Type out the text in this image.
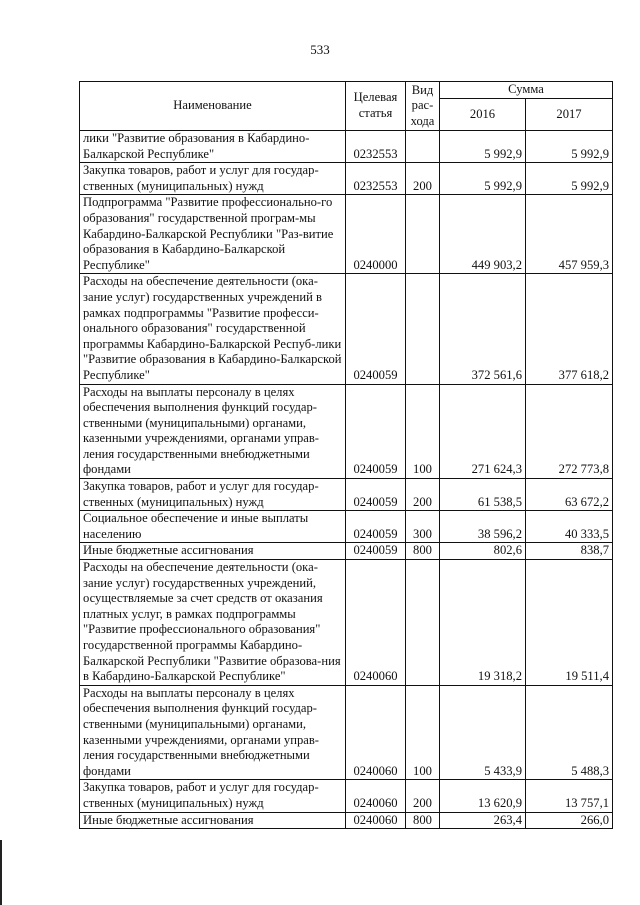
533
Наименование	Целевая статья	Вид рас-хода	Сумма	
			2016	2017
лики "Развитие образования в Кабардино-Балкарской Республике"	0232553		5 992,9	5 992,9
Закупка товаров, работ и услуг для государ-ственных (муниципальных) нужд	0232553	200	5 992,9	5 992,9
Подпрограмма "Развитие профессионально-го образования" государственной програм-мы Кабардино-Балкарской Республики "Раз-витие образования в Кабардино-Балкарской Республике"	0240000		449 903,2	457 959,3
Расходы на обеспечение деятельности (ока-зание услуг) государственных учреждений в рамках подпрограммы "Развитие професси-онального образования" государственной программы Кабардино-Балкарской Респуб-лики "Развитие образования в Кабардино-Балкарской Республике"	0240059		372 561,6	377 618,2
Расходы на выплаты персоналу в целях обеспечения выполнения функций государ-ственными (муниципальными) органами, казенными учреждениями, органами управ-ления государственными внебюджетными фондами	0240059	100	271 624,3	272 773,8
Закупка товаров, работ и услуг для государ-ственных (муниципальных) нужд	0240059	200	61 538,5	63 672,2
Социальное обеспечение и иные выплаты населению	0240059	300	38 596,2	40 333,5
Иные бюджетные ассигнования	0240059	800	802,6	838,7
Расходы на обеспечение деятельности (ока-зание услуг) государственных учреждений, осуществляемые за счет средств от оказания платных услуг, в рамках подпрограммы "Развитие профессионального образования" государственной программы Кабардино-Балкарской Республики "Развитие образова-ния в Кабардино-Балкарской Республике"	0240060		19 318,2	19 511,4
Расходы на выплаты персоналу в целях обеспечения выполнения функций государ-ственными (муниципальными) органами, казенными учреждениями, органами управ-ления государственными внебюджетными фондами	0240060	100	5 433,9	5 488,3
Закупка товаров, работ и услуг для государ-ственных (муниципальных) нужд	0240060	200	13 620,9	13 757,1
Иные бюджетные ассигнования	0240060	800	263,4	266,0
